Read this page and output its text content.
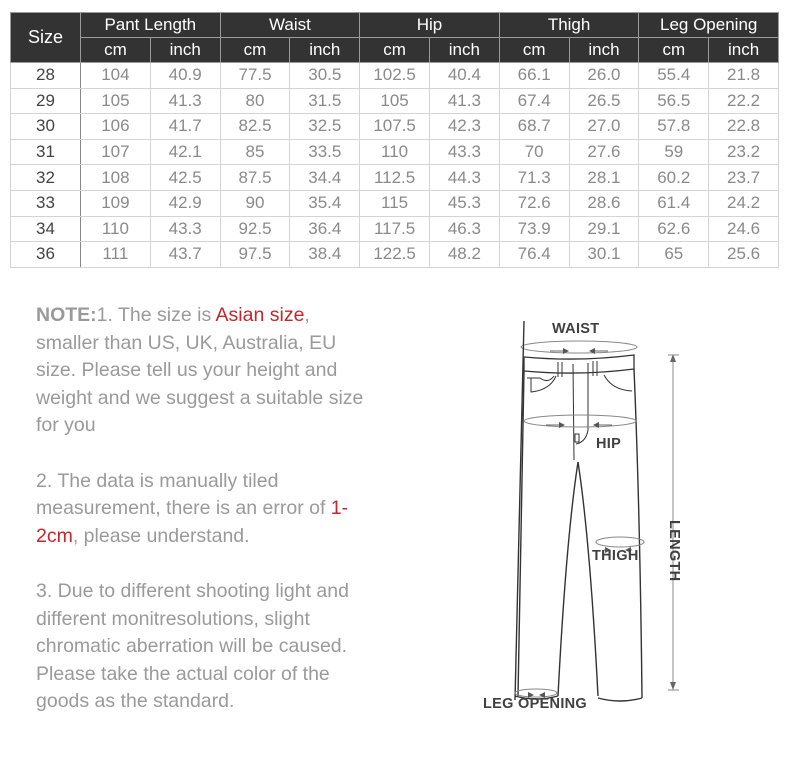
Size	Pant Length		Waist		Hip		Thigh		Leg Opening	
	cm	inch	cm	inch	cm	inch	cm	inch	cm	inch
28	104	40.9	77.5	30.5	102.5	40.4	66.1	26.0	55.4	21.8
29	105	41.3	80	31.5	105	41.3	67.4	26.5	56.5	22.2
30	106	41.7	82.5	32.5	107.5	42.3	68.7	27.0	57.8	22.8
31	107	42.1	85	33.5	110	43.3	70	27.6	59	23.2
32	108	42.5	87.5	34.4	112.5	44.3	71.3	28.1	60.2	23.7
33	109	42.9	90	35.4	115	45.3	72.6	28.6	61.4	24.2
34	110	43.3	92.5	36.4	117.5	46.3	73.9	29.1	62.6	24.6
36	111	43.7	97.5	38.4	122.5	48.2	76.4	30.1	65	25.6

NOTE:1. The size is Asian size, smaller than US, UK, Australia, EU size. Please tell us your height and weight and we suggest a suitable size for you

2. The data is manually tiled measurement, there is an error of 1-2cm, please understand.

3. Due to different shooting light and different monitresolutions, slight chromatic aberration will be caused. Please take the actual color of the goods as the standard.

WAIST
HIP
THIGH LENGTH
LEG OPENING
